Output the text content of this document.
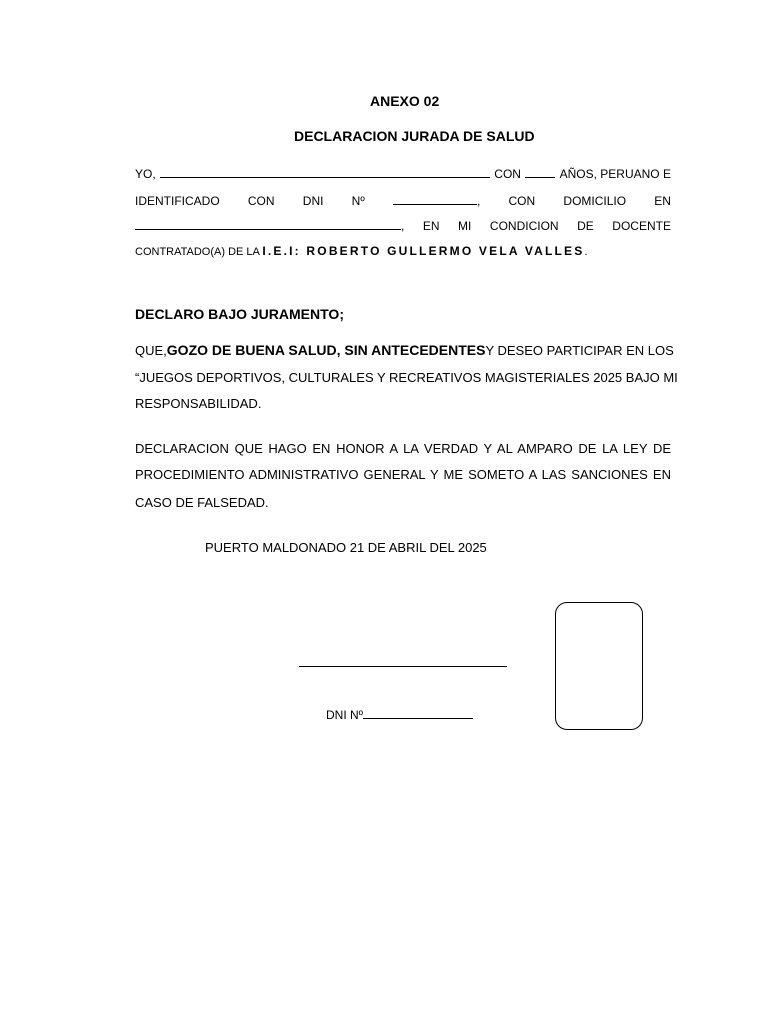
ANEXO 02
DECLARACION JURADA DE SALUD
YO,	CON	AÑOS, PERUANO E
IDENTIFICADO CON DNI Nº	, CON DOMICILIO EN
, EN MI CONDICION DE DOCENTE
CONTRATADO(A) DE LA I.E.I: ROBERTO GULLERMO VELA VALLES.
DECLARO BAJO JURAMENTO;
QUE, GOZO DE BUENA SALUD, SIN ANTECEDENTES Y DESEO PARTICIPAR EN LOS
“JUEGOS DEPORTIVOS, CULTURALES Y RECREATIVOS MAGISTERIALES 2025 BAJO MI
RESPONSABILIDAD.
DECLARACION QUE HAGO EN HONOR A LA VERDAD Y AL AMPARO DE LA LEY DE
PROCEDIMIENTO ADMINISTRATIVO GENERAL Y ME SOMETO A LAS SANCIONES EN
CASO DE FALSEDAD.
PUERTO MALDONADO 21 DE ABRIL DEL 2025
DNI Nº
